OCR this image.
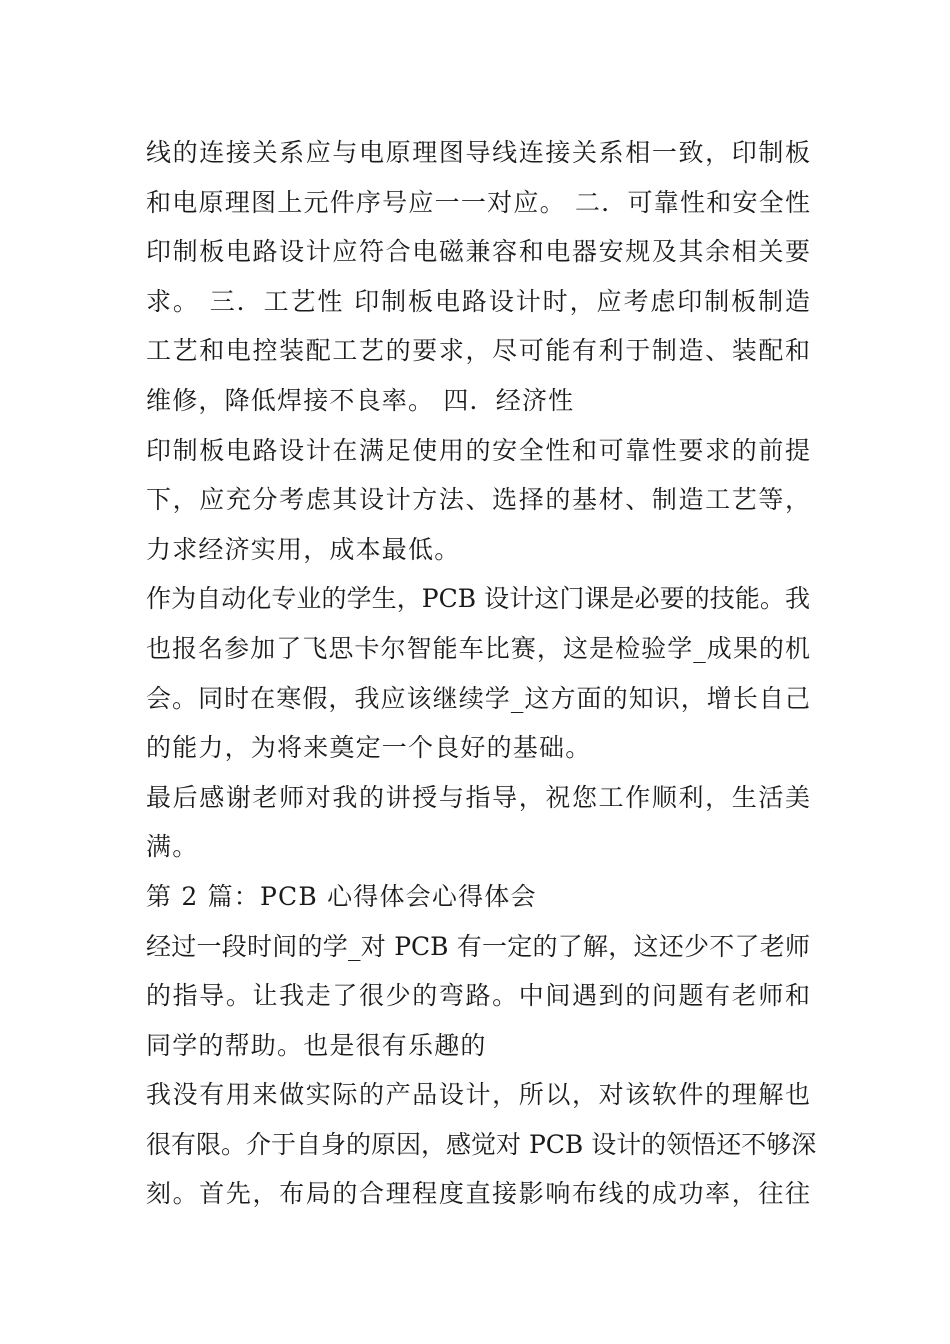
线的连接关系应与电原理图导线连接关系相一致，印制板
和电原理图上元件序号应一一对应。 二．可靠性和安全性
印制板电路设计应符合电磁兼容和电器安规及其余相关要
求。 三．工艺性 印制板电路设计时，应考虑印制板制造
工艺和电控装配工艺的要求，尽可能有利于制造、装配和
维修，降低焊接不良率。 四．经济性
印制板电路设计在满足使用的安全性和可靠性要求的前提
下，应充分考虑其设计方法、选择的基材、制造工艺等，
力求经济实用，成本最低。
作为自动化专业的学生，PCB 设计这门课是必要的技能。我
也报名参加了飞思卡尔智能车比赛，这是检验学_成果的机
会。同时在寒假，我应该继续学_这方面的知识，增长自己
的能力，为将来奠定一个良好的基础。
最后感谢老师对我的讲授与指导，祝您工作顺利，生活美
满。
第 2 篇：PCB 心得体会心得体会
经过一段时间的学_对 PCB 有一定的了解，这还少不了老师
的指导。让我走了很少的弯路。中间遇到的问题有老师和
同学的帮助。也是很有乐趣的
我没有用来做实际的产品设计，所以，对该软件的理解也
很有限。介于自身的原因，感觉对 PCB 设计的领悟还不够深
刻。首先，布局的合理程度直接影响布线的成功率，往往
